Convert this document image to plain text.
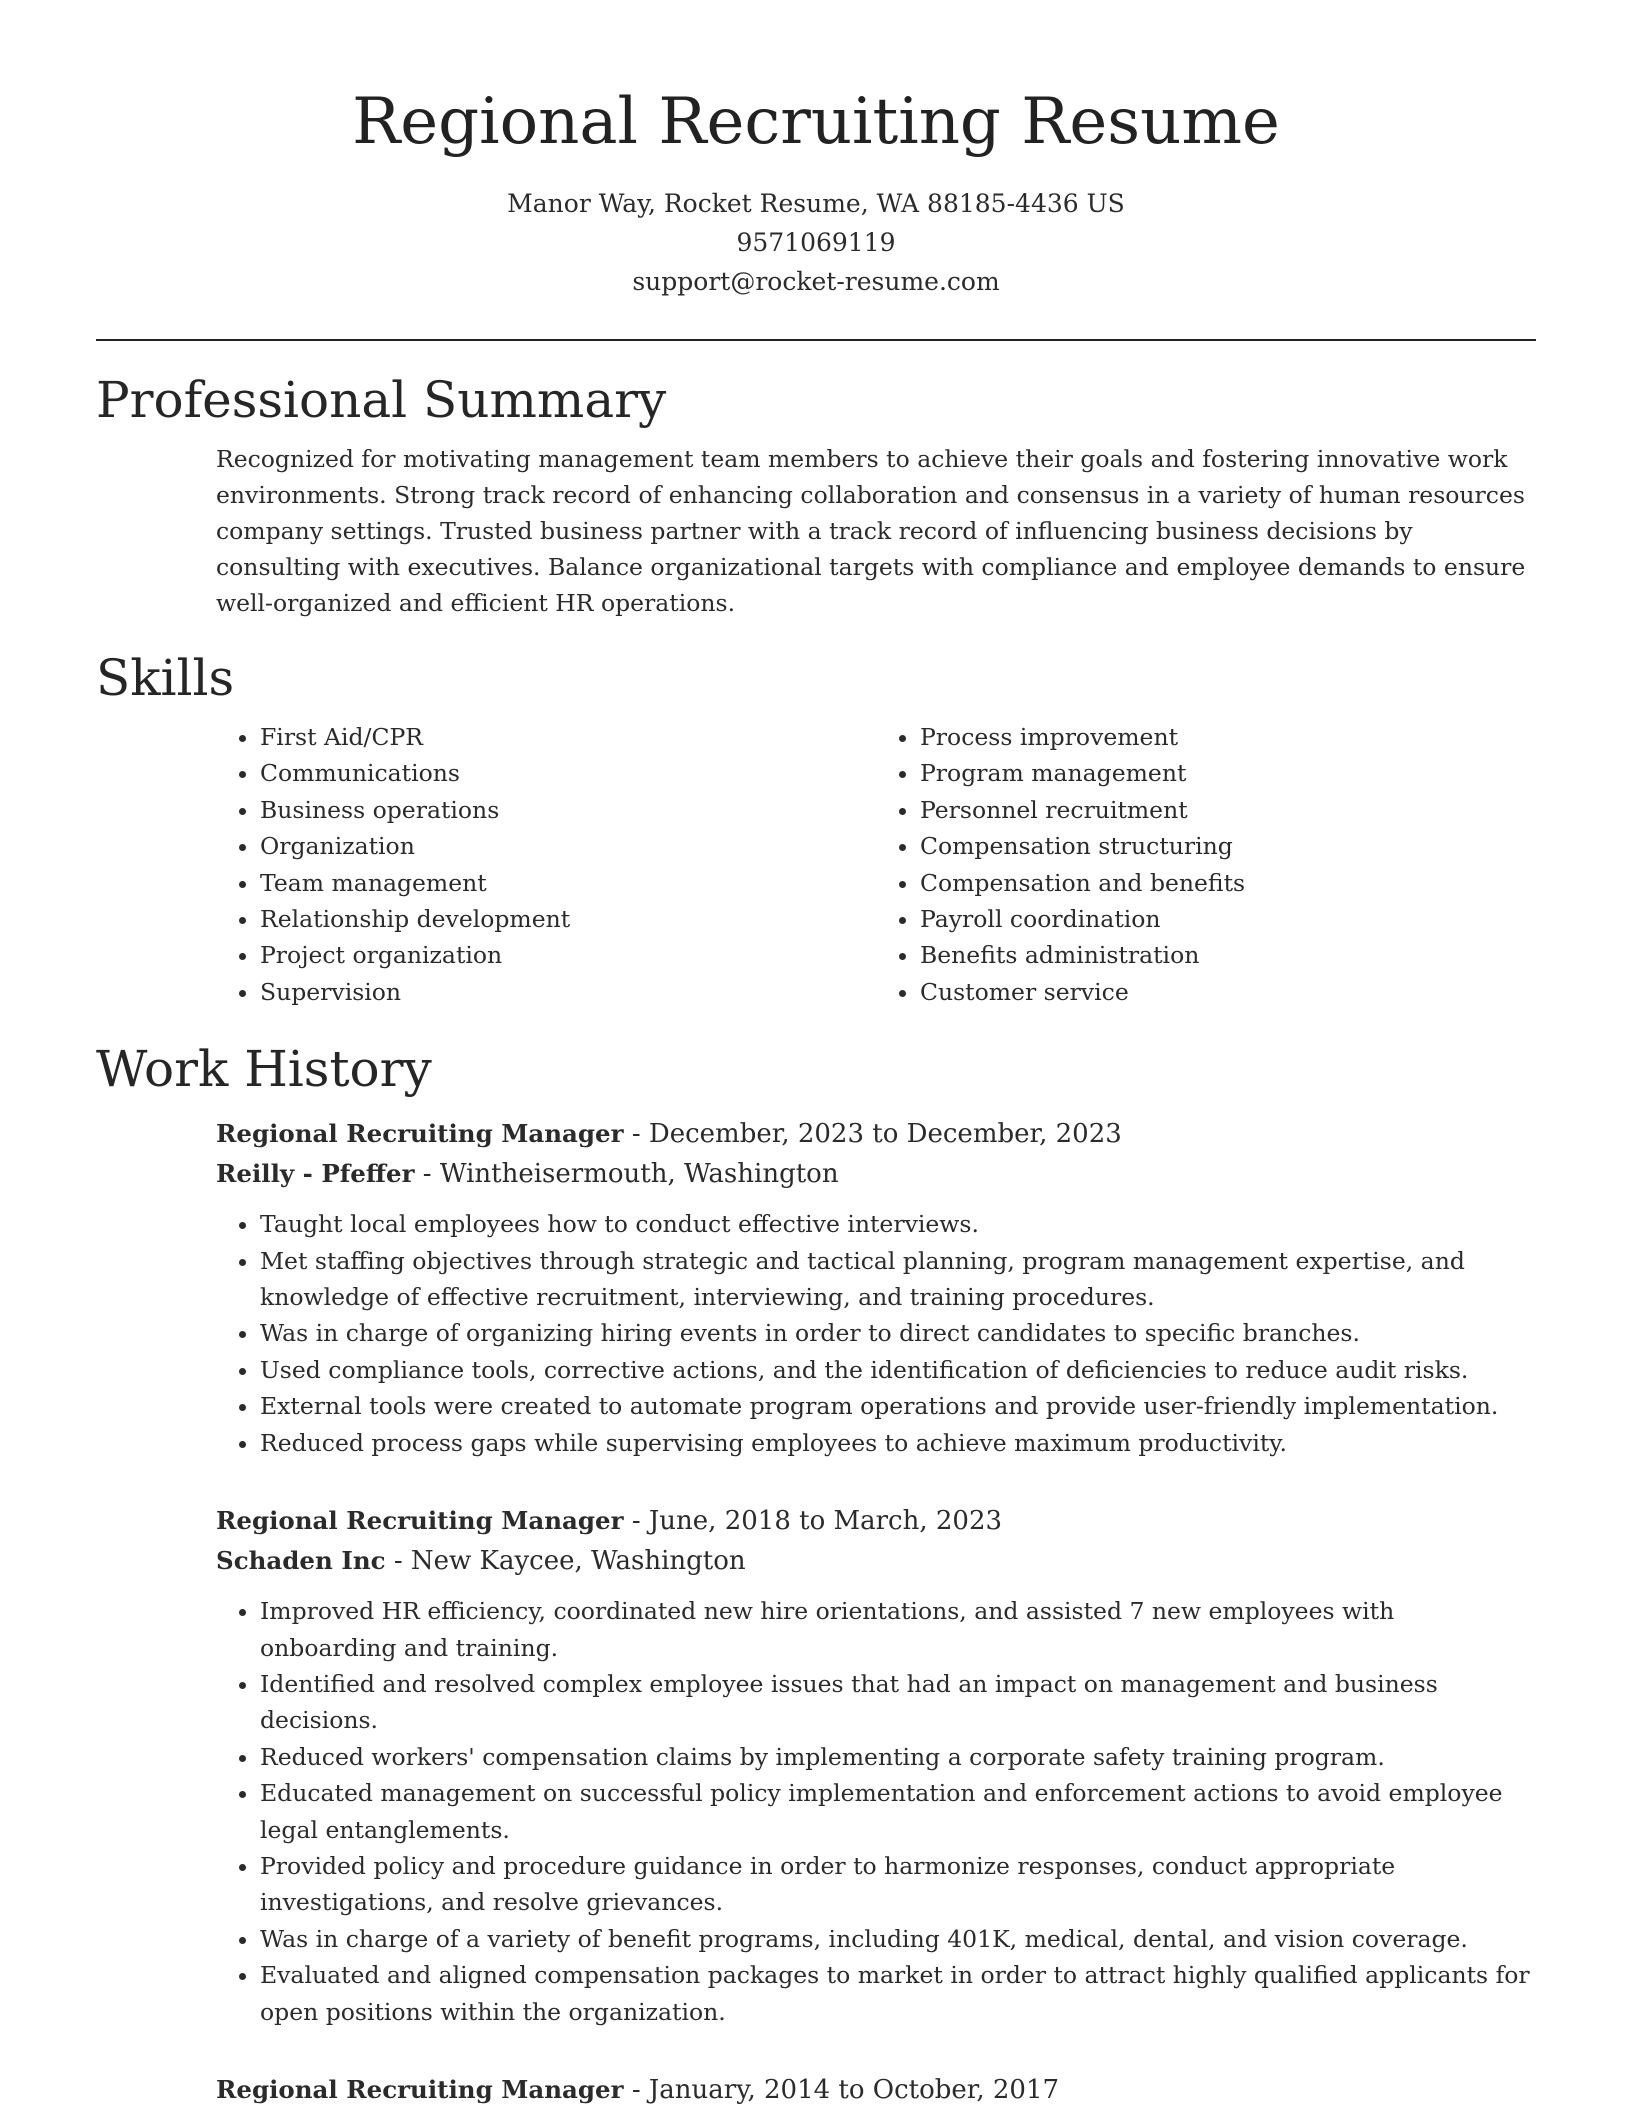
Regional Recruiting Resume
Manor Way, Rocket Resume, WA 88185-4436 US
9571069119
support@rocket-resume.com
Professional Summary

Recognized for motivating management team members to achieve their goals and fostering innovative work environments. Strong track record of enhancing collaboration and consensus in a variety of human resources company settings. Trusted business partner with a track record of influencing business decisions by consulting with executives. Balance organizational targets with compliance and employee demands to ensure well-organized and efficient HR operations.

Skills
• First Aid/CPR
• Communications
• Business operations
• Organization
• Team management
• Relationship development
• Project organization
• Supervision
• Process improvement
• Program management
• Personnel recruitment
• Compensation structuring
• Compensation and benefits
• Payroll coordination
• Benefits administration
• Customer service
Work History
Regional Recruiting Manager - December, 2023 to December, 2023
Reilly - Pfeffer - Wintheisermouth, Washington
• Taught local employees how to conduct effective interviews.
• Met staffing objectives through strategic and tactical planning, program management expertise, and knowledge of effective recruitment, interviewing, and training procedures.
• Was in charge of organizing hiring events in order to direct candidates to specific branches.
• Used compliance tools, corrective actions, and the identification of deficiencies to reduce audit risks.
• External tools were created to automate program operations and provide user-friendly implementation.
• Reduced process gaps while supervising employees to achieve maximum productivity.
Regional Recruiting Manager - June, 2018 to March, 2023
Schaden Inc - New Kaycee, Washington
• Improved HR efficiency, coordinated new hire orientations, and assisted 7 new employees with onboarding and training.
• Identified and resolved complex employee issues that had an impact on management and business decisions.
• Reduced workers' compensation claims by implementing a corporate safety training program.
• Educated management on successful policy implementation and enforcement actions to avoid employee legal entanglements.
• Provided policy and procedure guidance in order to harmonize responses, conduct appropriate investigations, and resolve grievances.
• Was in charge of a variety of benefit programs, including 401K, medical, dental, and vision coverage.
• Evaluated and aligned compensation packages to market in order to attract highly qualified applicants for open positions within the organization.
Regional Recruiting Manager - January, 2014 to October, 2017
